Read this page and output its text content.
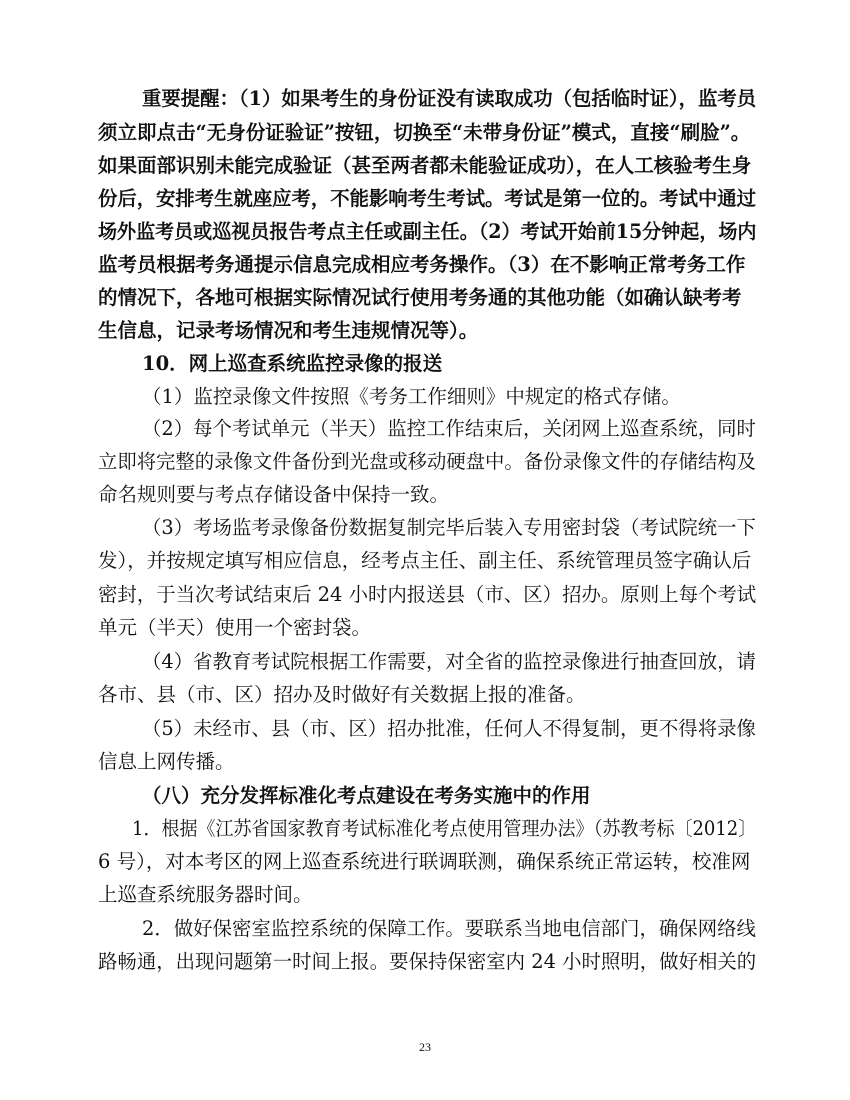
重要提醒：（1）如果考生的身份证没有读取成功（包括临时证），监考员
须立即点击“无身份证验证”按钮，切换至“未带身份证”模式，直接“刷脸”。
如果面部识别未能完成验证（甚至两者都未能验证成功），在人工核验考生身
份后，安排考生就座应考，不能影响考生考试。考试是第一位的。考试中通过
场外监考员或巡视员报告考点主任或副主任。（2）考试开始前15分钟起，场内
监考员根据考务通提示信息完成相应考务操作。（3）在不影响正常考务工作
的情况下，各地可根据实际情况试行使用考务通的其他功能（如确认缺考考
生信息，记录考场情况和考生违规情况等）。
10．网上巡查系统监控录像的报送
（1）监控录像文件按照《考务工作细则》中规定的格式存储。
（2）每个考试单元（半天）监控工作结束后，关闭网上巡查系统，同时
立即将完整的录像文件备份到光盘或移动硬盘中。备份录像文件的存储结构及
命名规则要与考点存储设备中保持一致。
（3）考场监考录像备份数据复制完毕后装入专用密封袋（考试院统一下
发），并按规定填写相应信息，经考点主任、副主任、系统管理员签字确认后
密封，于当次考试结束后 24 小时内报送县（市、区）招办。原则上每个考试
单元（半天）使用一个密封袋。
（4）省教育考试院根据工作需要，对全省的监控录像进行抽查回放，请
各市、县（市、区）招办及时做好有关数据上报的准备。
（5）未经市、县（市、区）招办批准，任何人不得复制，更不得将录像
信息上网传播。
（八）充分发挥标准化考点建设在考务实施中的作用
1．根据《江苏省国家教育考试标准化考点使用管理办法》（苏教考标〔2012〕
6 号），对本考区的网上巡查系统进行联调联测，确保系统正常运转，校准网
上巡查系统服务器时间。
2．做好保密室监控系统的保障工作。要联系当地电信部门，确保网络线
路畅通，出现问题第一时间上报。要保持保密室内 24 小时照明，做好相关的
23
